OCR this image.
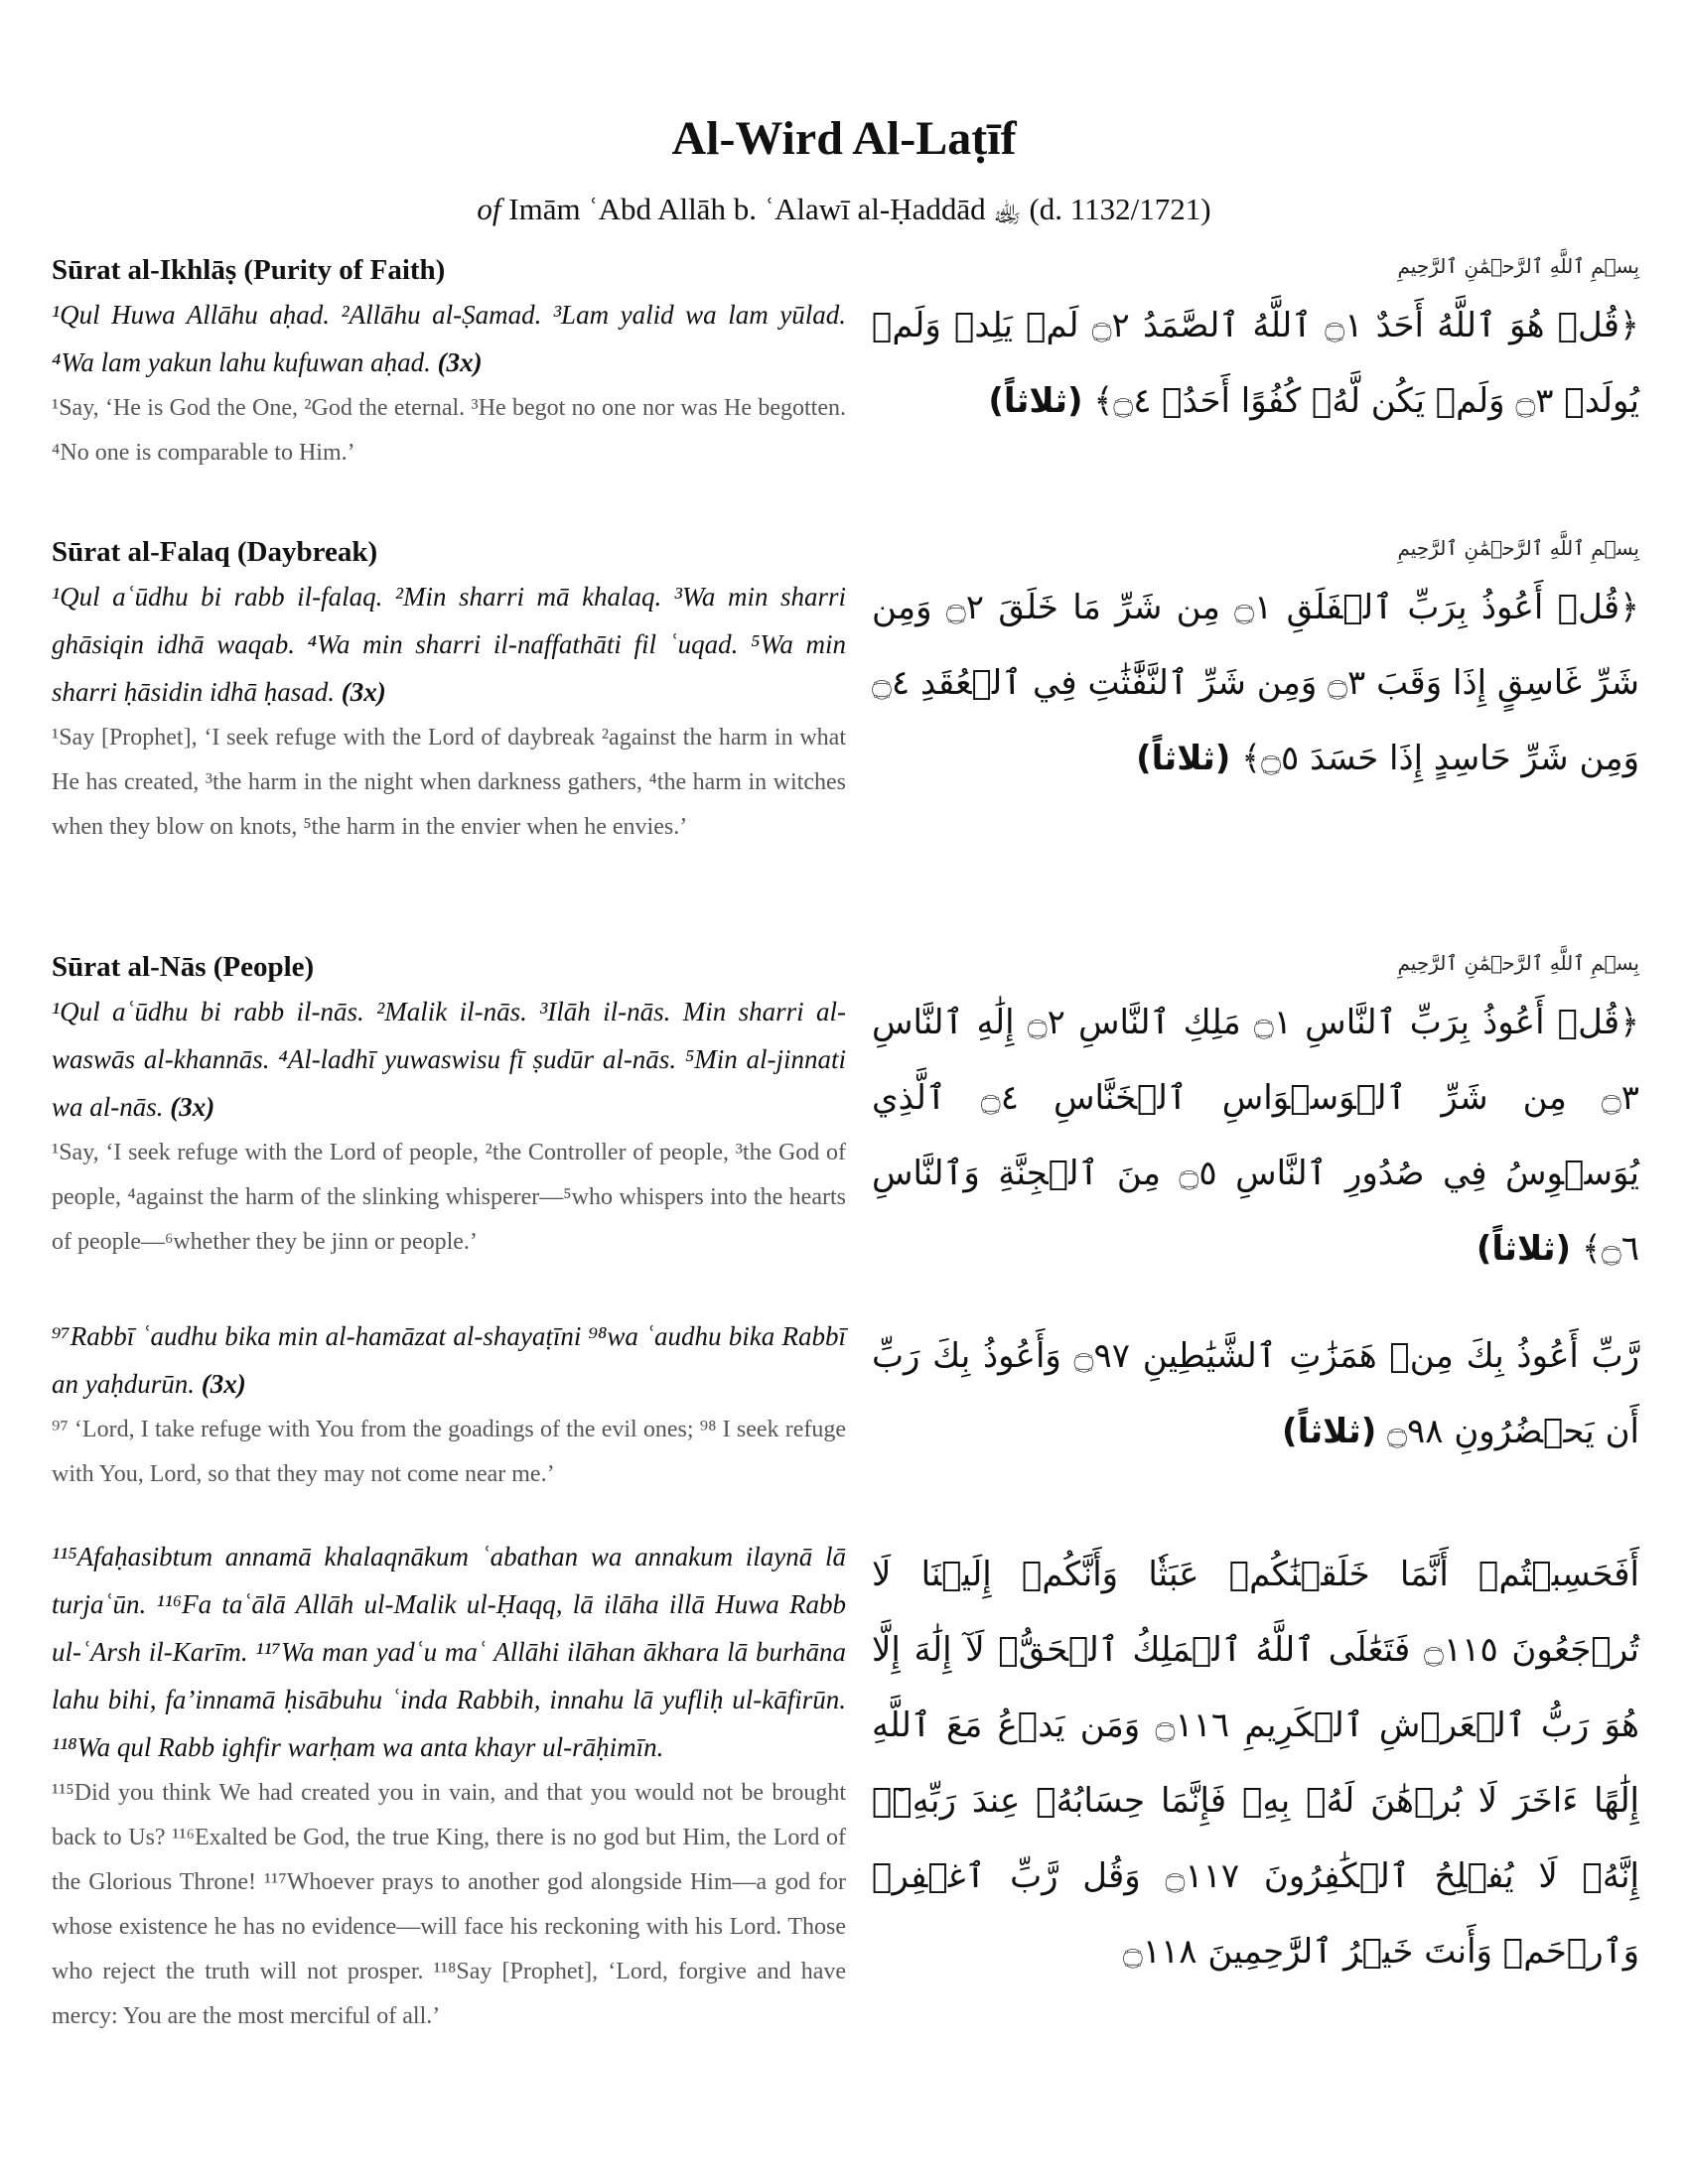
Al-Wird Al-Laṭīf
of Imām ʿAbd Allāh b. ʿAlawī al-Ḥaddād ﵀ (d. 1132/1721)
Sūrat al-Ikhlāṣ (Purity of Faith)

¹Qul Huwa Allāhu aḥad. ²Allāhu al-Ṣamad. ³Lam yalid wa lam yūlad. ⁴Wa lam yakun lahu kufuwan aḥad. (3x)

¹Say, ‘He is God the One, ²God the eternal. ³He begot no one nor was He begotten. ⁴No one is comparable to Him.’

بِسۡمِ ٱللَّهِ ٱلرَّحۡمَٰنِ ٱلرَّحِيمِ

﴿قُلۡ هُوَ ٱللَّهُ أَحَدٌ ۝١ ٱللَّهُ ٱلصَّمَدُ ۝٢ لَمۡ يَلِدۡ وَلَمۡ يُولَدۡ ۝٣ وَلَمۡ يَكُن لَّهُۥ كُفُوًا أَحَدُۢ ۝٤﴾ (ثلاثاً)

Sūrat al-Falaq (Daybreak)

¹Qul aʿūdhu bi rabb il-falaq. ²Min sharri mā khalaq. ³Wa min sharri ghāsiqin idhā waqab. ⁴Wa min sharri il-naffathāti fil ʿuqad. ⁵Wa min sharri ḥāsidin idhā ḥasad. (3x)

¹Say [Prophet], ‘I seek refuge with the Lord of daybreak ²against the harm in what He has created, ³the harm in the night when darkness gathers, ⁴the harm in witches when they blow on knots, ⁵the harm in the envier when he envies.’

بِسۡمِ ٱللَّهِ ٱلرَّحۡمَٰنِ ٱلرَّحِيمِ

﴿قُلۡ أَعُوذُ بِرَبِّ ٱلۡفَلَقِ ۝١ مِن شَرِّ مَا خَلَقَ ۝٢ وَمِن شَرِّ غَاسِقٍ إِذَا وَقَبَ ۝٣ وَمِن شَرِّ ٱلنَّفَّٰثَٰتِ فِي ٱلۡعُقَدِ ۝٤ وَمِن شَرِّ حَاسِدٍ إِذَا حَسَدَ ۝٥﴾ (ثلاثاً)

Sūrat al-Nās (People)

¹Qul aʿūdhu bi rabb il-nās. ²Malik il-nās. ³Ilāh il-nās. Min sharri al-waswās al-khannās. ⁴Al-ladhī yuwaswisu fī ṣudūr al-nās. ⁵Min al-jinnati wa al-nās. (3x)

¹Say, ‘I seek refuge with the Lord of people, ²the Controller of people, ³the God of people, ⁴against the harm of the slinking whisperer—⁵who whispers into the hearts of people—⁶whether they be jinn or people.’

بِسۡمِ ٱللَّهِ ٱلرَّحۡمَٰنِ ٱلرَّحِيمِ

﴿قُلۡ أَعُوذُ بِرَبِّ ٱلنَّاسِ ۝١ مَلِكِ ٱلنَّاسِ ۝٢ إِلَٰهِ ٱلنَّاسِ ۝٣ مِن شَرِّ ٱلۡوَسۡوَاسِ ٱلۡخَنَّاسِ ۝٤ ٱلَّذِي يُوَسۡوِسُ فِي صُدُورِ ٱلنَّاسِ ۝٥ مِنَ ٱلۡجِنَّةِ وَٱلنَّاسِ ۝٦﴾ (ثلاثاً)

⁹⁷Rabbī ʿaudhu bika min al-hamāzat al-shayaṭīni ⁹⁸wa ʿaudhu bika Rabbī an yaḥdurūn. (3x)

⁹⁷ ‘Lord, I take refuge with You from the goadings of the evil ones; ⁹⁸ I seek refuge with You, Lord, so that they may not come near me.’

رَّبِّ أَعُوذُ بِكَ مِنۡ هَمَزَٰتِ ٱلشَّيَٰطِينِ ۝٩٧ وَأَعُوذُ بِكَ رَبِّ أَن يَحۡضُرُونِ ۝٩٨ (ثلاثاً)

¹¹⁵Afaḥasibtum annamā khalaqnākum ʿabathan wa annakum ilaynā lā turjaʿūn. ¹¹⁶Fa taʿālā Allāh ul-Malik ul-Ḥaqq, lā ilāha illā Huwa Rabb ul-ʿArsh il-Karīm. ¹¹⁷Wa man yadʿu maʿ Allāhi ilāhan ākhara lā burhāna lahu bihi, fa’innamā ḥisābuhu ʿinda Rabbih, innahu lā yufliḥ ul-kāfirūn. ¹¹⁸Wa qul Rabb ighfir warḥam wa anta khayr ul-rāḥimīn.

¹¹⁵Did you think We had created you in vain, and that you would not be brought back to Us? ¹¹⁶Exalted be God, the true King, there is no god but Him, the Lord of the Glorious Throne! ¹¹⁷Whoever prays to another god alongside Him—a god for whose existence he has no evidence—will face his reckoning with his Lord. Those who reject the truth will not prosper. ¹¹⁸Say [Prophet], ‘Lord, forgive and have mercy: You are the most merciful of all.’

أَفَحَسِبۡتُمۡ أَنَّمَا خَلَقۡنَٰكُمۡ عَبَثٗا وَأَنَّكُمۡ إِلَيۡنَا لَا تُرۡجَعُونَ ۝١١٥ فَتَعَٰلَى ٱللَّهُ ٱلۡمَلِكُ ٱلۡحَقُّۖ لَآ إِلَٰهَ إِلَّا هُوَ رَبُّ ٱلۡعَرۡشِ ٱلۡكَرِيمِ ۝١١٦ وَمَن يَدۡعُ مَعَ ٱللَّهِ إِلَٰهًا ءَاخَرَ لَا بُرۡهَٰنَ لَهُۥ بِهِۦ فَإِنَّمَا حِسَابُهُۥ عِندَ رَبِّهِۦٓۚ إِنَّهُۥ لَا يُفۡلِحُ ٱلۡكَٰفِرُونَ ۝١١٧ وَقُل رَّبِّ ٱغۡفِرۡ وَٱرۡحَمۡ وَأَنتَ خَيۡرُ ٱلرَّٰحِمِينَ ۝١١٨
